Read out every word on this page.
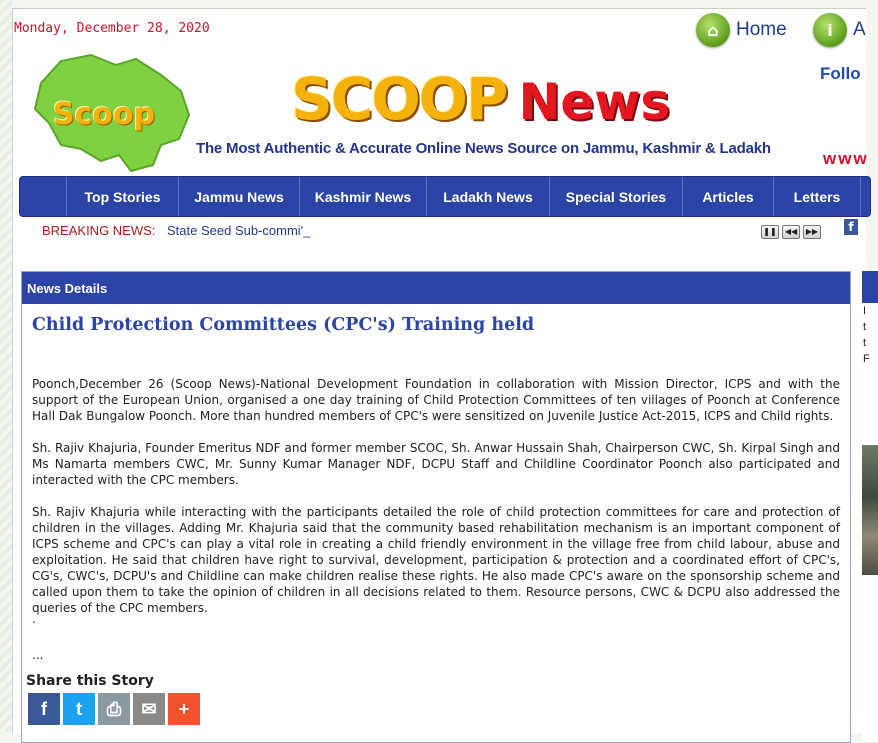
Monday, December 28, 2020	⌂ Home	i	A
Follo
www
Scoop SCOOP News
The Most Authentic & Accurate Online News Source on Jammu, Kashmir & Ladakh
Top Stories	Jammu News	Kashmir News	Ladakh News	Special Stories	Articles	Letters
BREAKING NEWS: State Seed Sub-commi'_	❚❚	◀◀	▶▶	f
News Details
Child Protection Committees (CPC's) Training held
Poonch,December 26 (Scoop News)-National Development Foundation in collaboration with Mission Director, ICPS and with the support of the European Union, organised a one day training of Child Protection Committees of ten villages of Poonch at Conference Hall Dak Bungalow Poonch. More than hundred members of CPC's were sensitized on Juvenile Justice Act-2015, ICPS and Child rights.
Sh. Rajiv Khajuria, Founder Emeritus NDF and former member SCOC, Sh. Anwar Hussain Shah, Chairperson CWC, Sh. Kirpal Singh and Ms Namarta members CWC, Mr. Sunny Kumar Manager NDF, DCPU Staff and Childline Coordinator Poonch also participated and interacted with the CPC members.
Sh. Rajiv Khajuria while interacting with the participants detailed the role of child protection committees for care and protection of children in the villages. Adding Mr. Khajuria said that the community based rehabilitation mechanism is an important component of ICPS scheme and CPC's can play a vital role in creating a child friendly environment in the village free from child labour, abuse and exploitation. He said that children have right to survival, development, participation & protection and a coordinated effort of CPC's, CG's, CWC's, DCPU's and Childline can make children realise these rights. He also made CPC's aware on the sponsorship scheme and called upon them to take the opinion of children in all decisions related to them. Resource persons, CWC & DCPU also addressed the queries of the CPC members.
.
...
Share this Story
f	t	⎙	✉	+
I
t
t
F
